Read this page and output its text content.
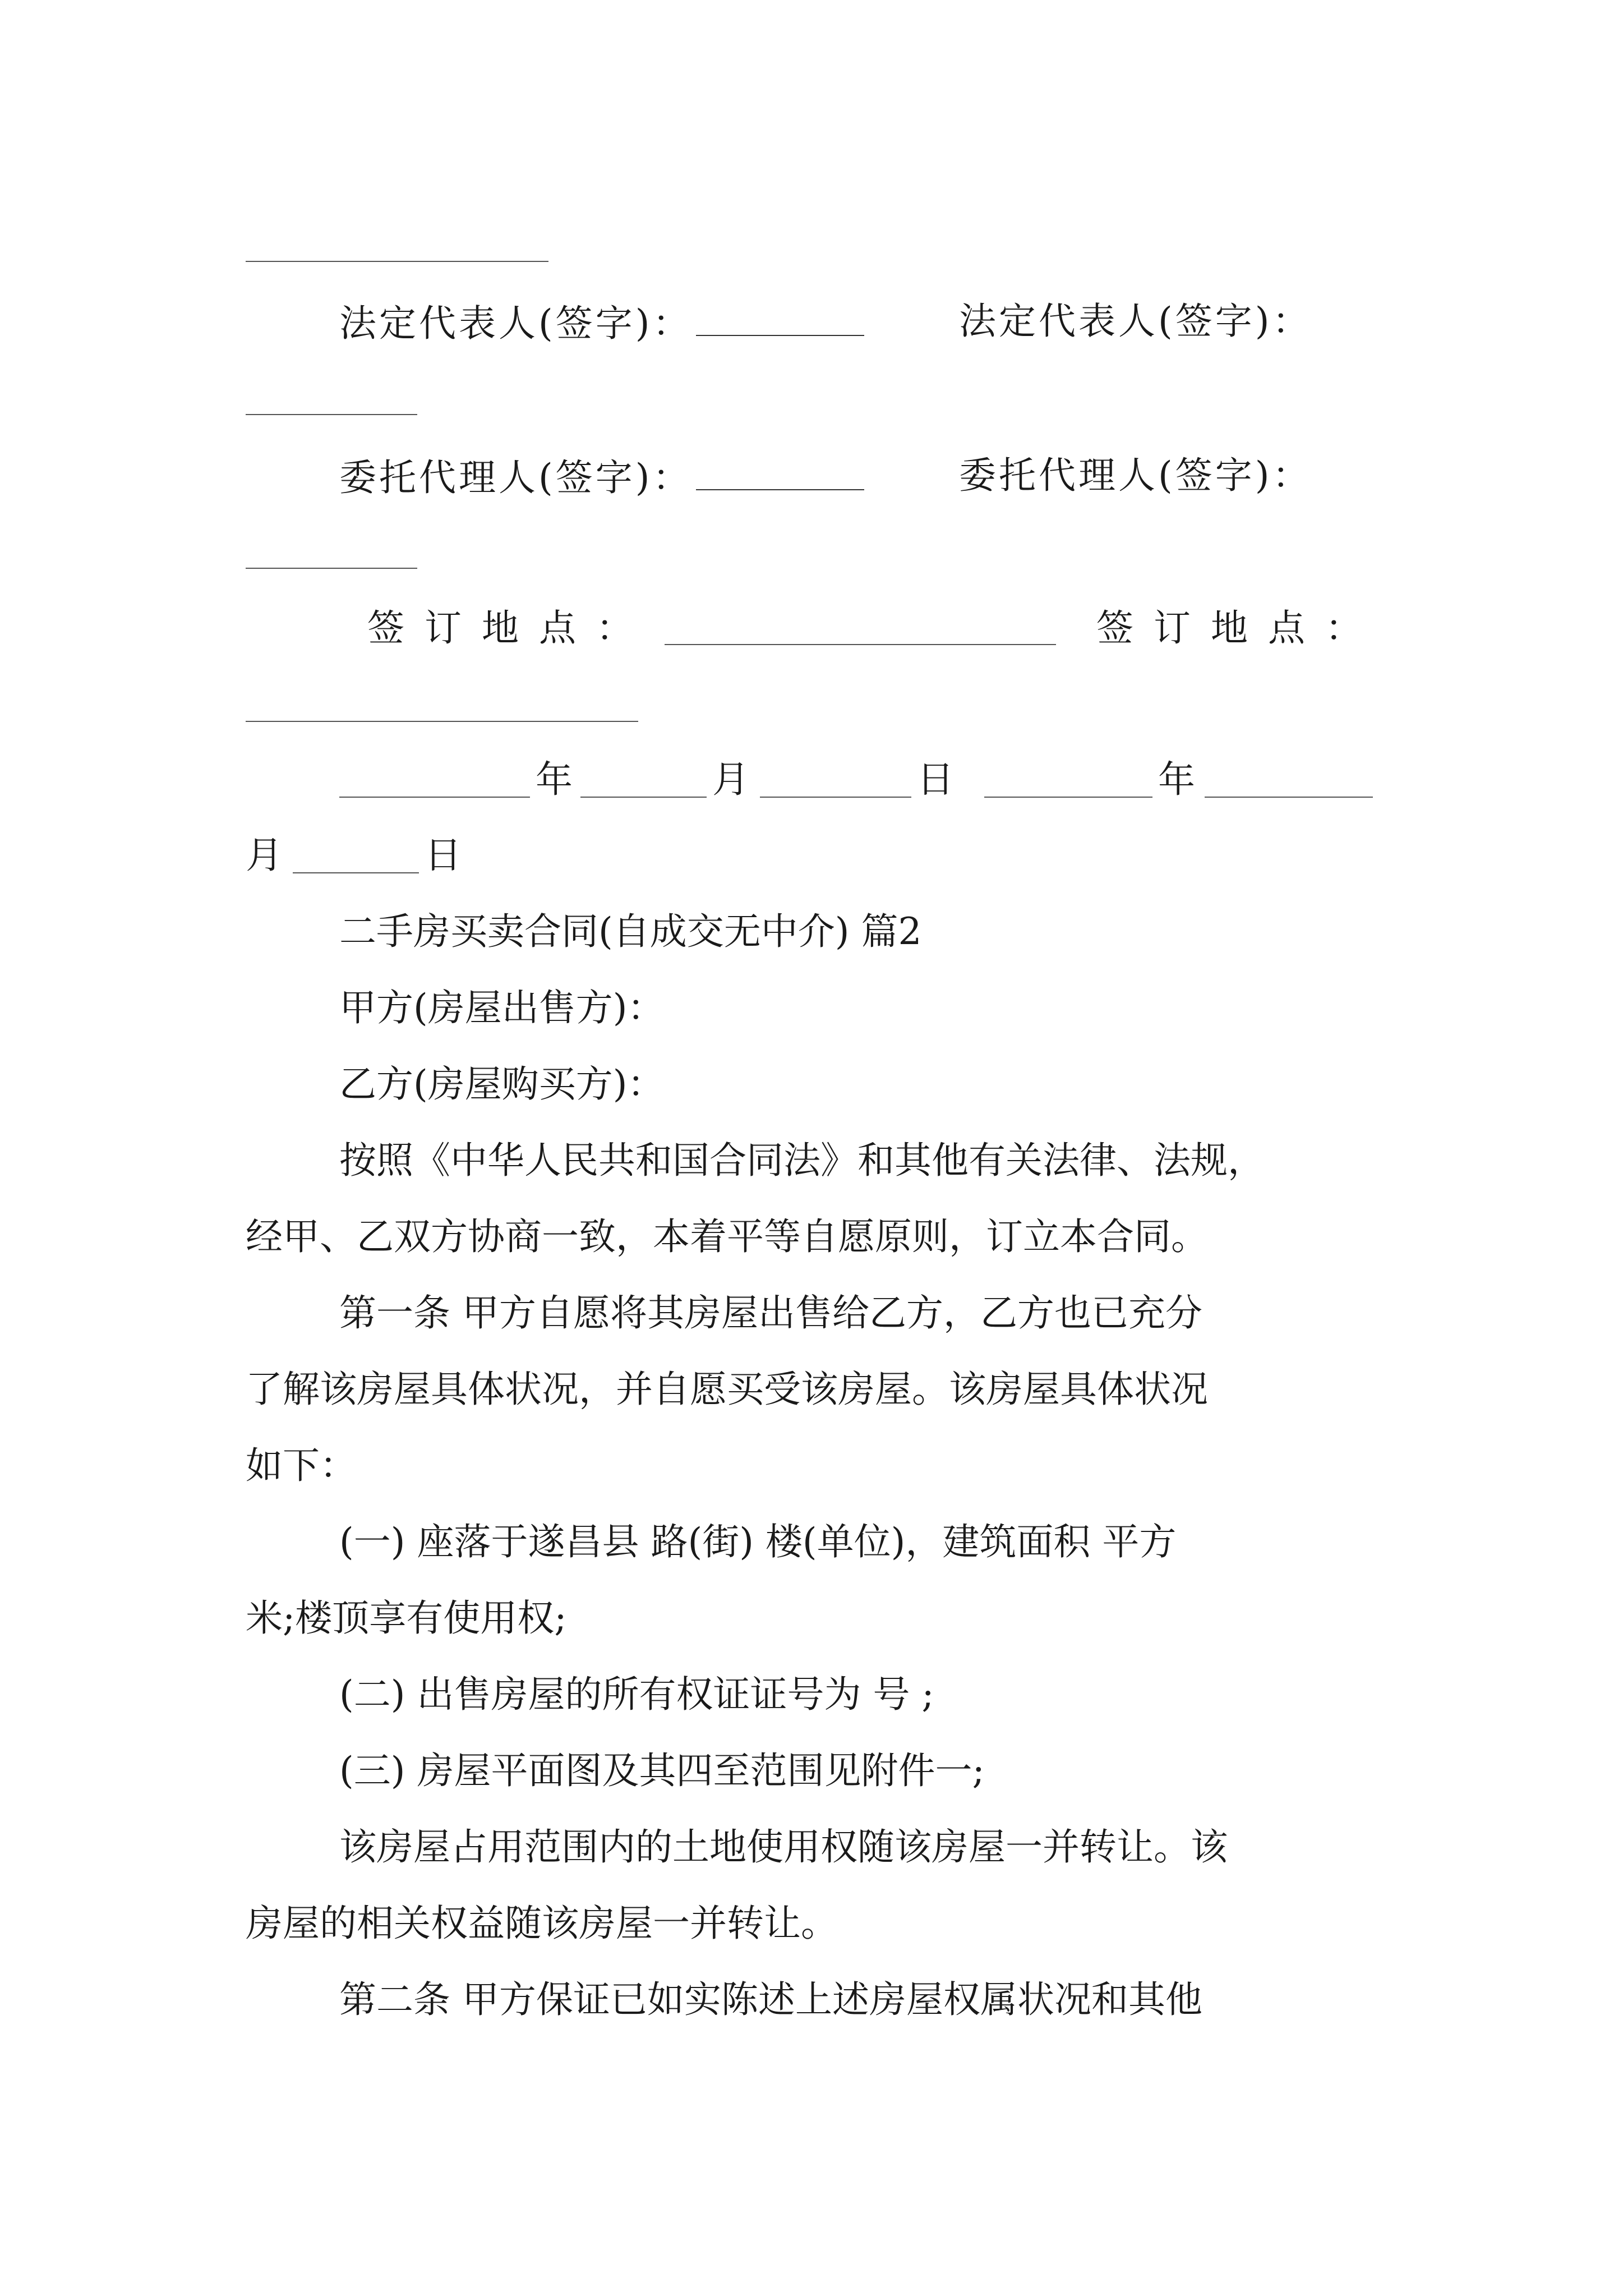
法定代表人(签字)：	法定代表人(签字)：
委托代理人(签字)：	委托代理人(签字)：
签订地点：	签订地点：
年	月	日	年
月	日
二手房买卖合同(自成交无中介) 篇2
甲方(房屋出售方)：
乙方(房屋购买方)：
按照《中华人民共和国合同法》和其他有关法律、法规，
经甲、乙双方协商一致，本着平等自愿原则，订立本合同。
第一条 甲方自愿将其房屋出售给乙方，乙方也已充分
了解该房屋具体状况，并自愿买受该房屋。该房屋具体状况
如下：
(一) 座落于遂昌县 路(街) 楼(单位)，建筑面积 平方
米;楼顶享有使用权;
(二) 出售房屋的所有权证证号为 号 ;
(三) 房屋平面图及其四至范围见附件一;
该房屋占用范围内的土地使用权随该房屋一并转让。该
房屋的相关权益随该房屋一并转让。
第二条 甲方保证已如实陈述上述房屋权属状况和其他
